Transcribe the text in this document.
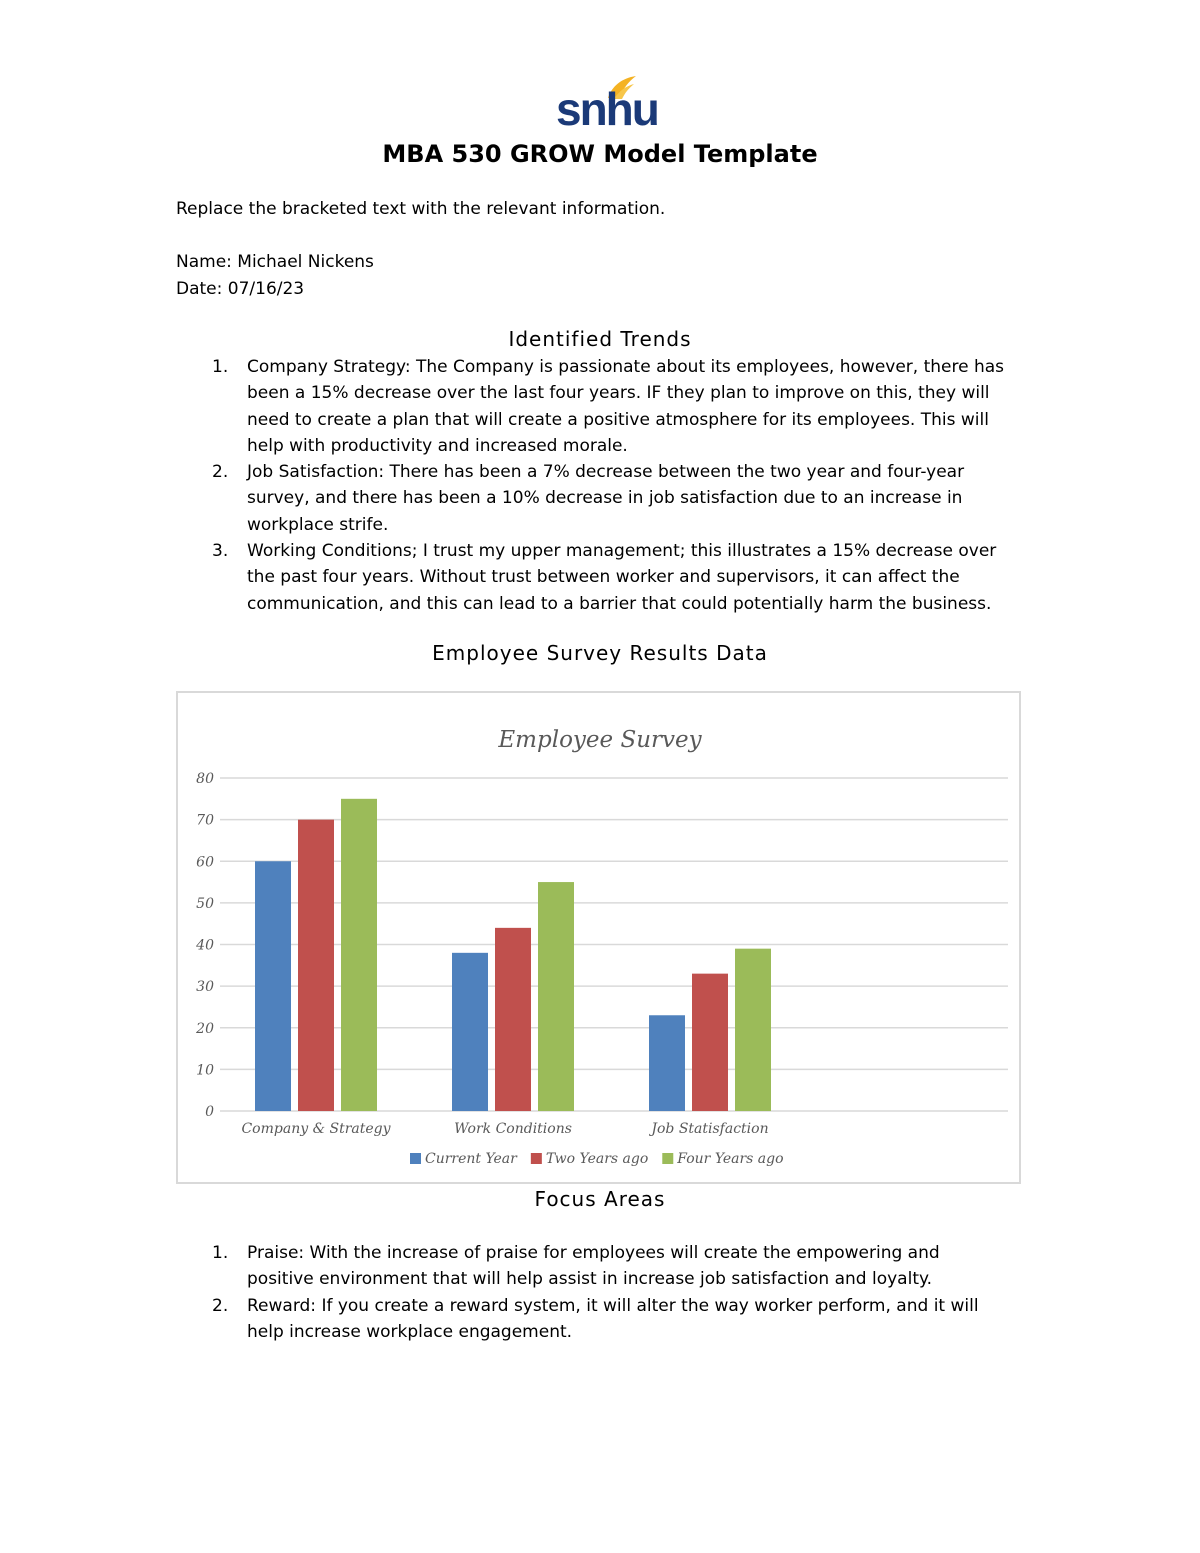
snhu
MBA 530 GROW Model Template
Replace the bracketed text with the relevant information.
Name: Michael Nickens
Date: 07/16/23
Identified Trends
1. Company Strategy: The Company is passionate about its employees, however, there has
been a 15% decrease over the last four years. IF they plan to improve on this, they will
need to create a plan that will create a positive atmosphere for its employees. This will
help with productivity and increased morale.
2. Job Satisfaction: There has been a 7% decrease between the two year and four-year
survey, and there has been a 10% decrease in job satisfaction due to an increase in
workplace strife.
3. Working Conditions; I trust my upper management; this illustrates a 15% decrease over
the past four years. Without trust between worker and supervisors, it can affect the
communication, and this can lead to a barrier that could potentially harm the business.
Employee Survey Results Data
Employee Survey
0
10
20
30
40
50
60
70
80
Company & Strategy	Work Conditions	Job Statisfaction
Current Year Two Years ago Four Years ago
Focus Areas
1. Praise: With the increase of praise for employees will create the empowering and
positive environment that will help assist in increase job satisfaction and loyalty.
2. Reward: If you create a reward system, it will alter the way worker perform, and it will
help increase workplace engagement.
